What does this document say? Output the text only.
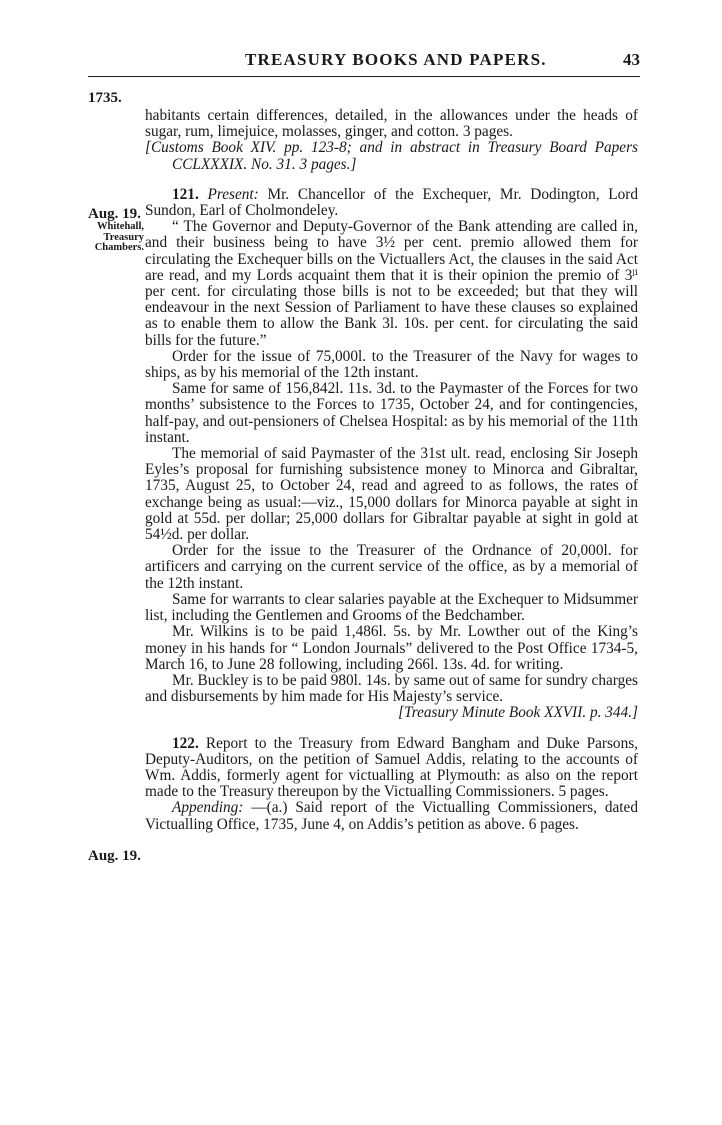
TREASURY BOOKS AND PAPERS.	43
1735.
Aug. 19.
Whitehall,
Treasury
Chambers.
Aug. 19.

habitants certain differences, detailed, in the allowances under the heads of sugar, rum, limejuice, molasses, ginger, and cotton. 3 pages.

[Customs Book XIV. pp. 123-8; and in abstract in Treasury Board Papers CCLXXXIX. No. 31. 3 pages.]

121. Present: Mr. Chancellor of the Exchequer, Mr. Dodington, Lord Sundon, Earl of Cholmondeley.

“ The Governor and Deputy-Governor of the Bank attending are called in, and their business being to have 3½ per cent. premio allowed them for circulating the Exchequer bills on the Victuallers Act, the clauses in the said Act are read, and my Lords acquaint them that it is their opinion the premio of 3ˡⁱ per cent. for circulating those bills is not to be exceeded; but that they will endeavour in the next Session of Parliament to have these clauses so explained as to enable them to allow the Bank 3l. 10s. per cent. for circulating the said bills for the future.”

Order for the issue of 75,000l. to the Treasurer of the Navy for wages to ships, as by his memorial of the 12th instant.

Same for same of 156,842l. 11s. 3d. to the Paymaster of the Forces for two months’ subsistence to the Forces to 1735, October 24, and for contingencies, half-pay, and out-pensioners of Chelsea Hospital: as by his memorial of the 11th instant.

The memorial of said Paymaster of the 31st ult. read, enclosing Sir Joseph Eyles’s proposal for furnishing subsistence money to Minorca and Gibraltar, 1735, August 25, to October 24, read and agreed to as follows, the rates of exchange being as usual:—viz., 15,000 dollars for Minorca payable at sight in gold at 55d. per dollar; 25,000 dollars for Gibraltar payable at sight in gold at 54½d. per dollar.

Order for the issue to the Treasurer of the Ordnance of 20,000l. for artificers and carrying on the current service of the office, as by a memorial of the 12th instant.

Same for warrants to clear salaries payable at the Exchequer to Midsummer list, including the Gentlemen and Grooms of the Bedchamber.

Mr. Wilkins is to be paid 1,486l. 5s. by Mr. Lowther out of the King’s money in his hands for “ London Journals” delivered to the Post Office 1734-5, March 16, to June 28 following, including 266l. 13s. 4d. for writing.

Mr. Buckley is to be paid 980l. 14s. by same out of same for sundry charges and disbursements by him made for His Majesty’s service.

[Treasury Minute Book XXVII. p. 344.]

122. Report to the Treasury from Edward Bangham and Duke Parsons, Deputy-Auditors, on the petition of Samuel Addis, relating to the accounts of Wm. Addis, formerly agent for victualling at Plymouth: as also on the report made to the Treasury thereupon by the Victualling Commissioners. 5 pages.

Appending: —(a.) Said report of the Victualling Commissioners, dated Victualling Office, 1735, June 4, on Addis’s petition as above. 6 pages.
